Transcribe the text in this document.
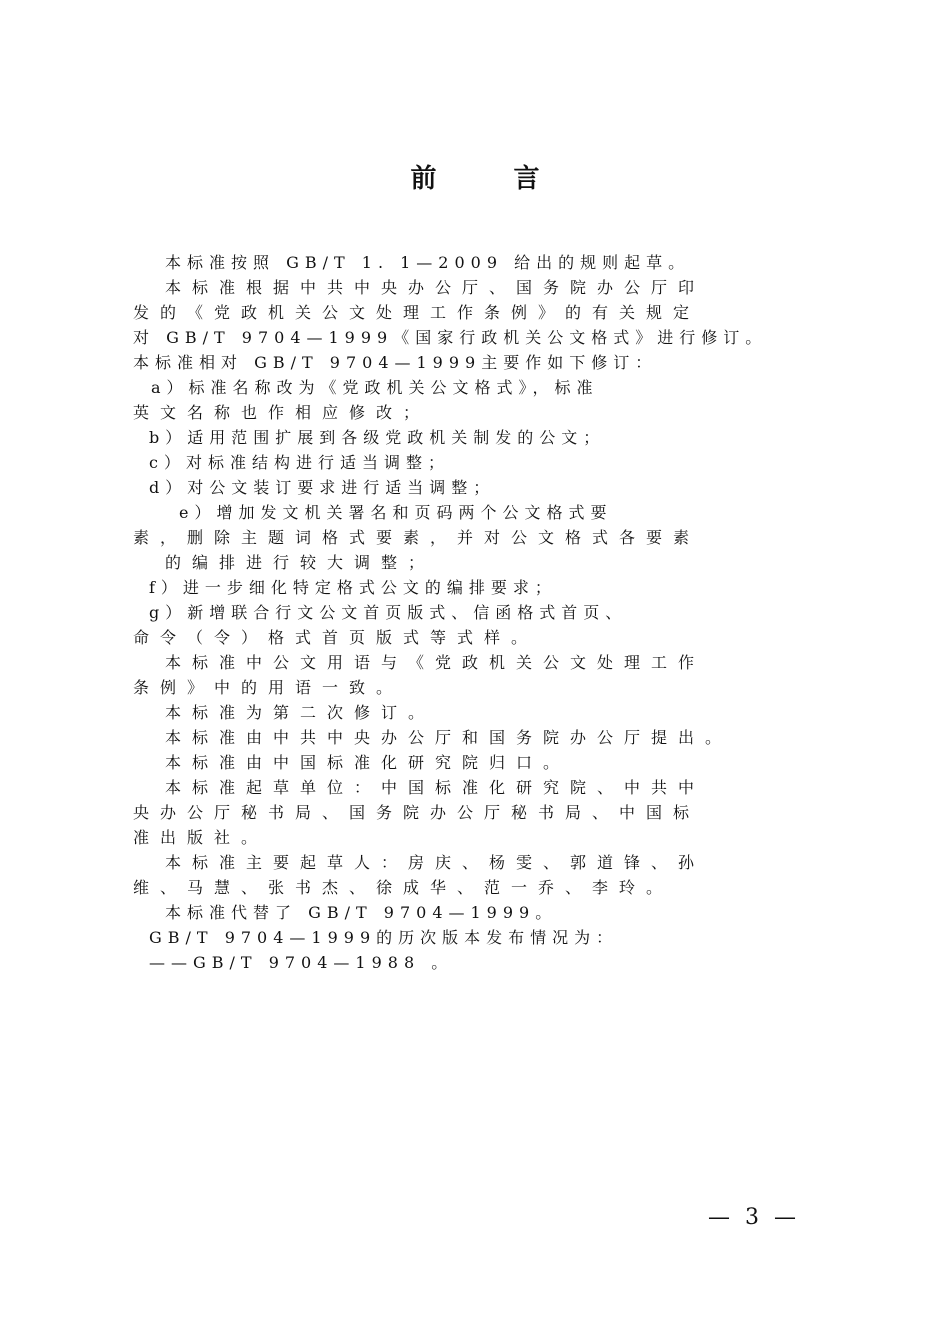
前 言
本标准按照 GB/T 1. 1—2009 给出的规则起草。
本标准根据中共中央办公厅、国务院办公厅印
发的《党政机关公文处理工作条例》的有关规定
对 GB/T 9704—1999《国家行政机关公文格式》进行修订。
本标准相对 GB/T 9704—1999主要作如下修订：
a）标准名称改为《党政机关公文格式》，标准
英文名称也作相应修改；
b）适用范围扩展到各级党政机关制发的公文；
c）对标准结构进行适当调整；
d）对公文装订要求进行适当调整；
e）增加发文机关署名和页码两个公文格式要
素，删除主题词格式要素，并对公文格式各要素
的编排进行较大调整；
f）进一步细化特定格式公文的编排要求；
g）新增联合行文公文首页版式、信函格式首页、
命令（令）格式首页版式等式样。
本标准中公文用语与《党政机关公文处理工作
条例》中的用语一致。
本标准为第二次修订。
本标准由中共中央办公厅和国务院办公厅提出。
本标准由中国标准化研究院归口。
本标准起草单位：中国标准化研究院、中共中
央办公厅秘书局、国务院办公厅秘书局、中国标
准出版社。
本标准主要起草人：房庆、杨雯、郭道锋、孙
维、马慧、张书杰、徐成华、范一乔、李玲。
本标准代替了 GB/T 9704—1999。
GB/T 9704—1999的历次版本发布情况为：
——GB/T 9704—1988 。
— 3 —
